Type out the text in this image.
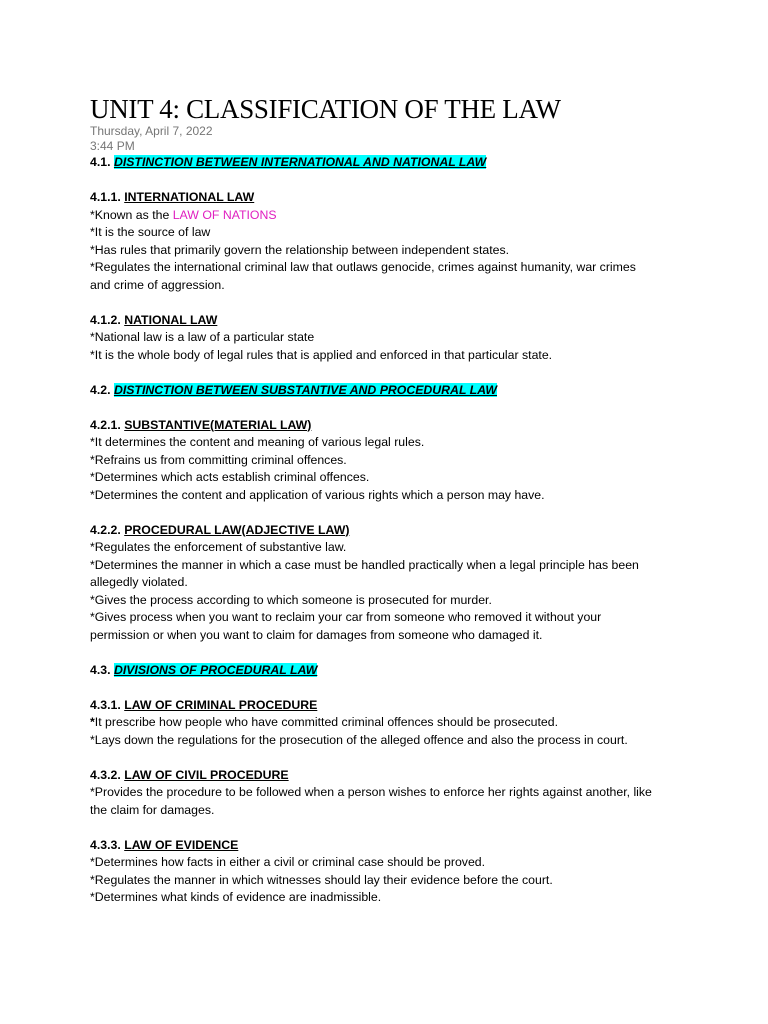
UNIT 4: CLASSIFICATION OF THE LAW
Thursday, April 7, 2022
3:44 PM

4.1. DISTINCTION BETWEEN INTERNATIONAL AND NATIONAL LAW

4.1.1. INTERNATIONAL LAW

*Known as the LAW OF NATIONS

*It is the source of law

*Has rules that primarily govern the relationship between independent states.

*Regulates the international criminal law that outlaws genocide, crimes against humanity, war crimes

and crime of aggression.

4.1.2. NATIONAL LAW

*National law is a law of a particular state

*It is the whole body of legal rules that is applied and enforced in that particular state.

4.2. DISTINCTION BETWEEN SUBSTANTIVE AND PROCEDURAL LAW

4.2.1. SUBSTANTIVE(MATERIAL LAW)

*It determines the content and meaning of various legal rules.

*Refrains us from committing criminal offences.

*Determines which acts establish criminal offences.

*Determines the content and application of various rights which a person may have.

4.2.2. PROCEDURAL LAW(ADJECTIVE LAW)

*Regulates the enforcement of substantive law.

*Determines the manner in which a case must be handled practically when a legal principle has been

allegedly violated.

*Gives the process according to which someone is prosecuted for murder.

*Gives process when you want to reclaim your car from someone who removed it without your

permission or when you want to claim for damages from someone who damaged it.

4.3. DIVISIONS OF PROCEDURAL LAW

4.3.1. LAW OF CRIMINAL PROCEDURE

*It prescribe how people who have committed criminal offences should be prosecuted.

*Lays down the regulations for the prosecution of the alleged offence and also the process in court.

4.3.2. LAW OF CIVIL PROCEDURE

*Provides the procedure to be followed when a person wishes to enforce her rights against another, like

the claim for damages.

4.3.3. LAW OF EVIDENCE

*Determines how facts in either a civil or criminal case should be proved.

*Regulates the manner in which witnesses should lay their evidence before the court.

*Determines what kinds of evidence are inadmissible.
